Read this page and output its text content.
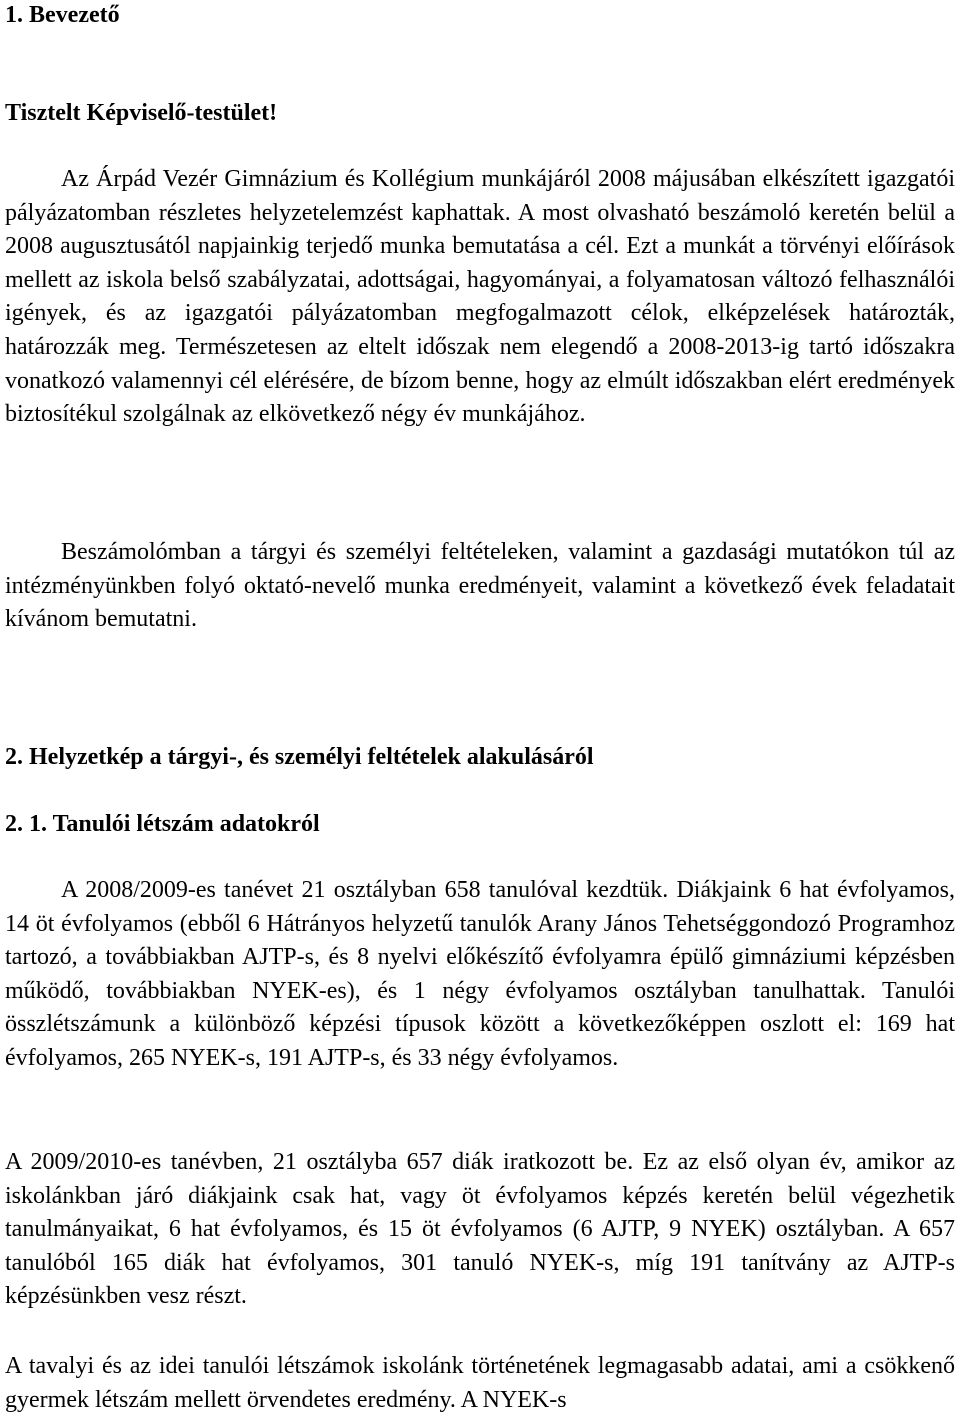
1. Bevezető
Tisztelt Képviselő-testület!

Az Árpád Vezér Gimnázium és Kollégium munkájáról 2008 májusában elkészített igazgatói pályázatomban részletes helyzetelemzést kaphattak. A most olvasható beszámoló keretén belül a 2008 augusztusától napjainkig terjedő munka bemutatása a cél. Ezt a munkát a törvényi előírások mellett az iskola belső szabályzatai, adottságai, hagyományai, a folyamatosan változó felhasználói igények, és az igazgatói pályázatomban megfogalmazott célok, elképzelések határozták, határozzák meg. Természetesen az eltelt időszak nem elegendő a 2008-2013-ig tartó időszakra vonatkozó valamennyi cél elérésére, de bízom benne, hogy az elmúlt időszakban elért eredmények biztosítékul szolgálnak az elkövetkező négy év munkájához.

Beszámolómban a tárgyi és személyi feltételeken, valamint a gazdasági mutatókon túl az intézményünkben folyó oktató-nevelő munka eredményeit, valamint a következő évek feladatait kívánom bemutatni.

2. Helyzetkép a tárgyi-, és személyi feltételek alakulásáról
2. 1. Tanulói létszám adatokról

A 2008/2009-es tanévet 21 osztályban 658 tanulóval kezdtük. Diákjaink 6 hat évfolyamos, 14 öt évfolyamos (ebből 6 Hátrányos helyzetű tanulók Arany János Tehetséggondozó Programhoz tartozó, a továbbiakban AJTP-s, és 8 nyelvi előkészítő évfolyamra épülő gimnáziumi képzésben működő, továbbiakban NYEK-es), és 1 négy évfolyamos osztályban tanulhattak. Tanulói összlétszámunk a különböző képzési típusok között a következőképpen oszlott el: 169 hat évfolyamos, 265 NYEK-s, 191 AJTP-s, és 33 négy évfolyamos.

A 2009/2010-es tanévben, 21 osztályba 657 diák iratkozott be. Ez az első olyan év, amikor az iskolánkban járó diákjaink csak hat, vagy öt évfolyamos képzés keretén belül végezhetik tanulmányaikat, 6 hat évfolyamos, és 15 öt évfolyamos (6 AJTP, 9 NYEK) osztályban. A 657 tanulóból 165 diák hat évfolyamos, 301 tanuló NYEK-s, míg 191 tanítvány az AJTP-s képzésünkben vesz részt.

A tavalyi és az idei tanulói létszámok iskolánk történetének legmagasabb adatai, ami a csökkenő gyermek létszám mellett örvendetes eredmény. A NYEK-s
